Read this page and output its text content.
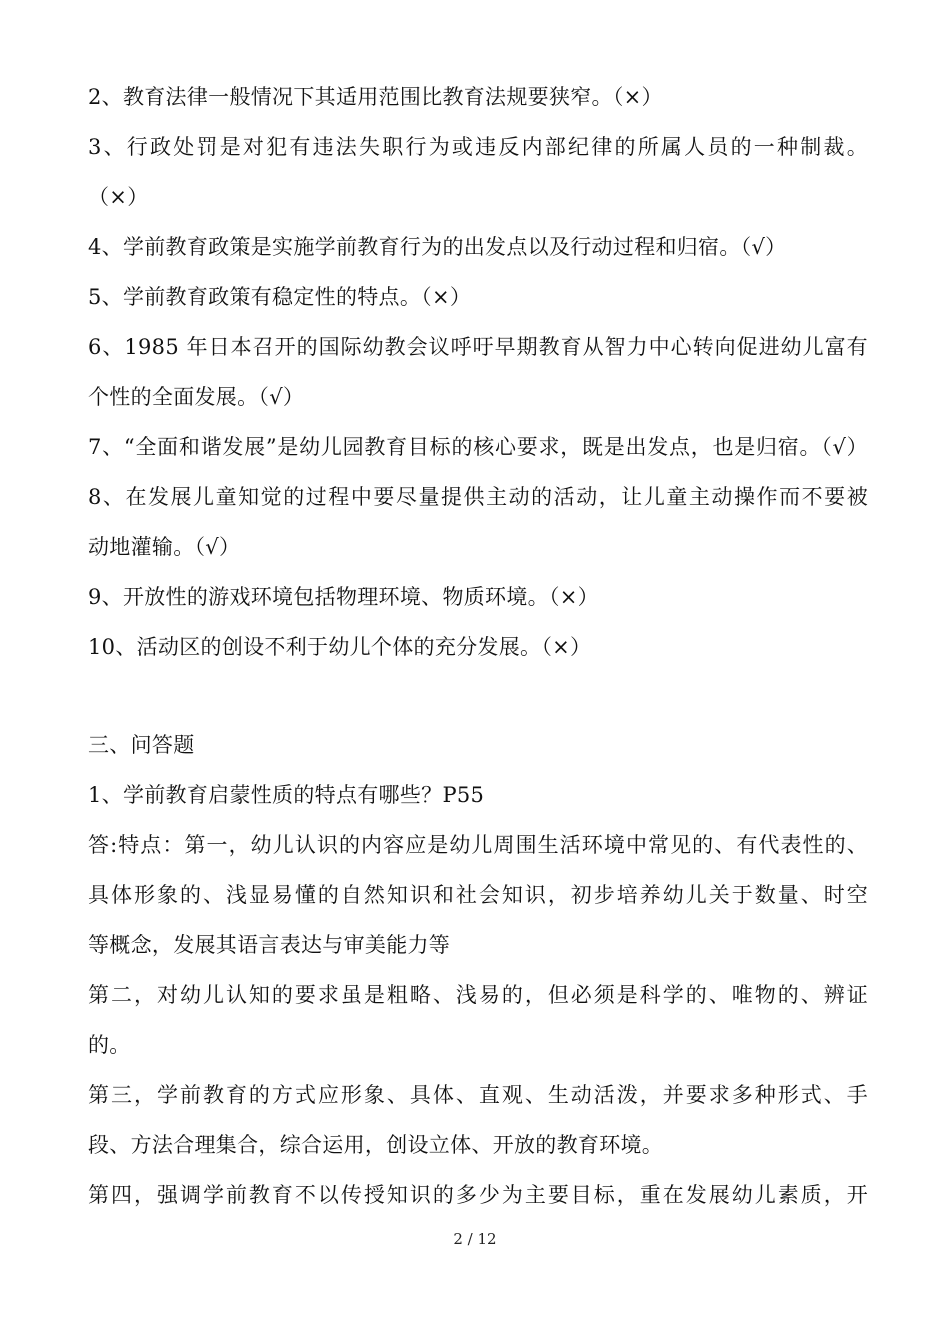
2、教育法律一般情况下其适用范围比教育法规要狭窄。（×）
3、行政处罚是对犯有违法失职行为或违反内部纪律的所属人员的一种制裁。
（×）
4、学前教育政策是实施学前教育行为的出发点以及行动过程和归宿。（√）
5、学前教育政策有稳定性的特点。（×）
6、1985 年日本召开的国际幼教会议呼吁早期教育从智力中心转向促进幼儿富有
个性的全面发展。（√）
7、“全面和谐发展”是幼儿园教育目标的核心要求，既是出发点，也是归宿。（√）
8、在发展儿童知觉的过程中要尽量提供主动的活动，让儿童主动操作而不要被
动地灌输。（√）
9、开放性的游戏环境包括物理环境、物质环境。（×）
10、活动区的创设不利于幼儿个体的充分发展。（×）
三、问答题
1、学前教育启蒙性质的特点有哪些？P55
答:特点：第一，幼儿认识的内容应是幼儿周围生活环境中常见的、有代表性的、
具体形象的、浅显易懂的自然知识和社会知识，初步培养幼儿关于数量、时空
等概念，发展其语言表达与审美能力等
第二，对幼儿认知的要求虽是粗略、浅易的，但必须是科学的、唯物的、辨证
的。
第三，学前教育的方式应形象、具体、直观、生动活泼，并要求多种形式、手
段、方法合理集合，综合运用，创设立体、开放的教育环境。
第四，强调学前教育不以传授知识的多少为主要目标，重在发展幼儿素质，开
2 / 12
